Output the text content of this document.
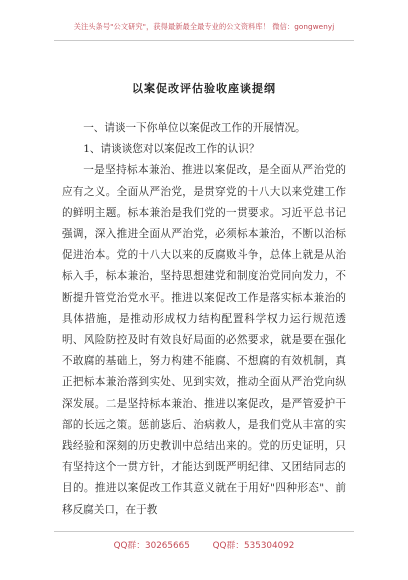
关注头条号"公文研究"，获得最新最全最专业的公文资料库！ 微信：gongwenyj
以案促改评估验收座谈提纲

一、请谈一下你单位以案促改工作的开展情况。

1、请谈谈您对以案促改工作的认识？

一是坚持标本兼治、推进以案促改，是全面从严治党的应有之义。全面从严治党，是贯穿党的十八大以来党建工作的鲜明主题。标本兼治是我们党的一贯要求。习近平总书记强调，深入推进全面从严治党，必须标本兼治，不断以治标促进治本。党的十八大以来的反腐败斗争，总体上就是从治标入手，标本兼治，坚持思想建党和制度治党同向发力，不断提升管党治党水平。推进以案促改工作是落实标本兼治的具体措施，是推动形成权力结构配置科学权力运行规范透明、风险防控及时有效良好局面的必然要求，就是要在强化不敢腐的基础上，努力构建不能腐、不想腐的有效机制，真正把标本兼治落到实处、见到实效，推动全面从严治党向纵深发展。二是坚持标本兼治、推进以案促改，是严管爱护干部的长远之策。惩前毖后、治病救人，是我们党从丰富的实践经验和深刻的历史教训中总结出来的。党的历史证明，只有坚持这个一贯方针，才能达到既严明纪律、又团结同志的目的。推进以案促改工作其意义就在于用好"四种形态"、前移反腐关口，在于教

QQ群：30265665	QQ群：535304092
